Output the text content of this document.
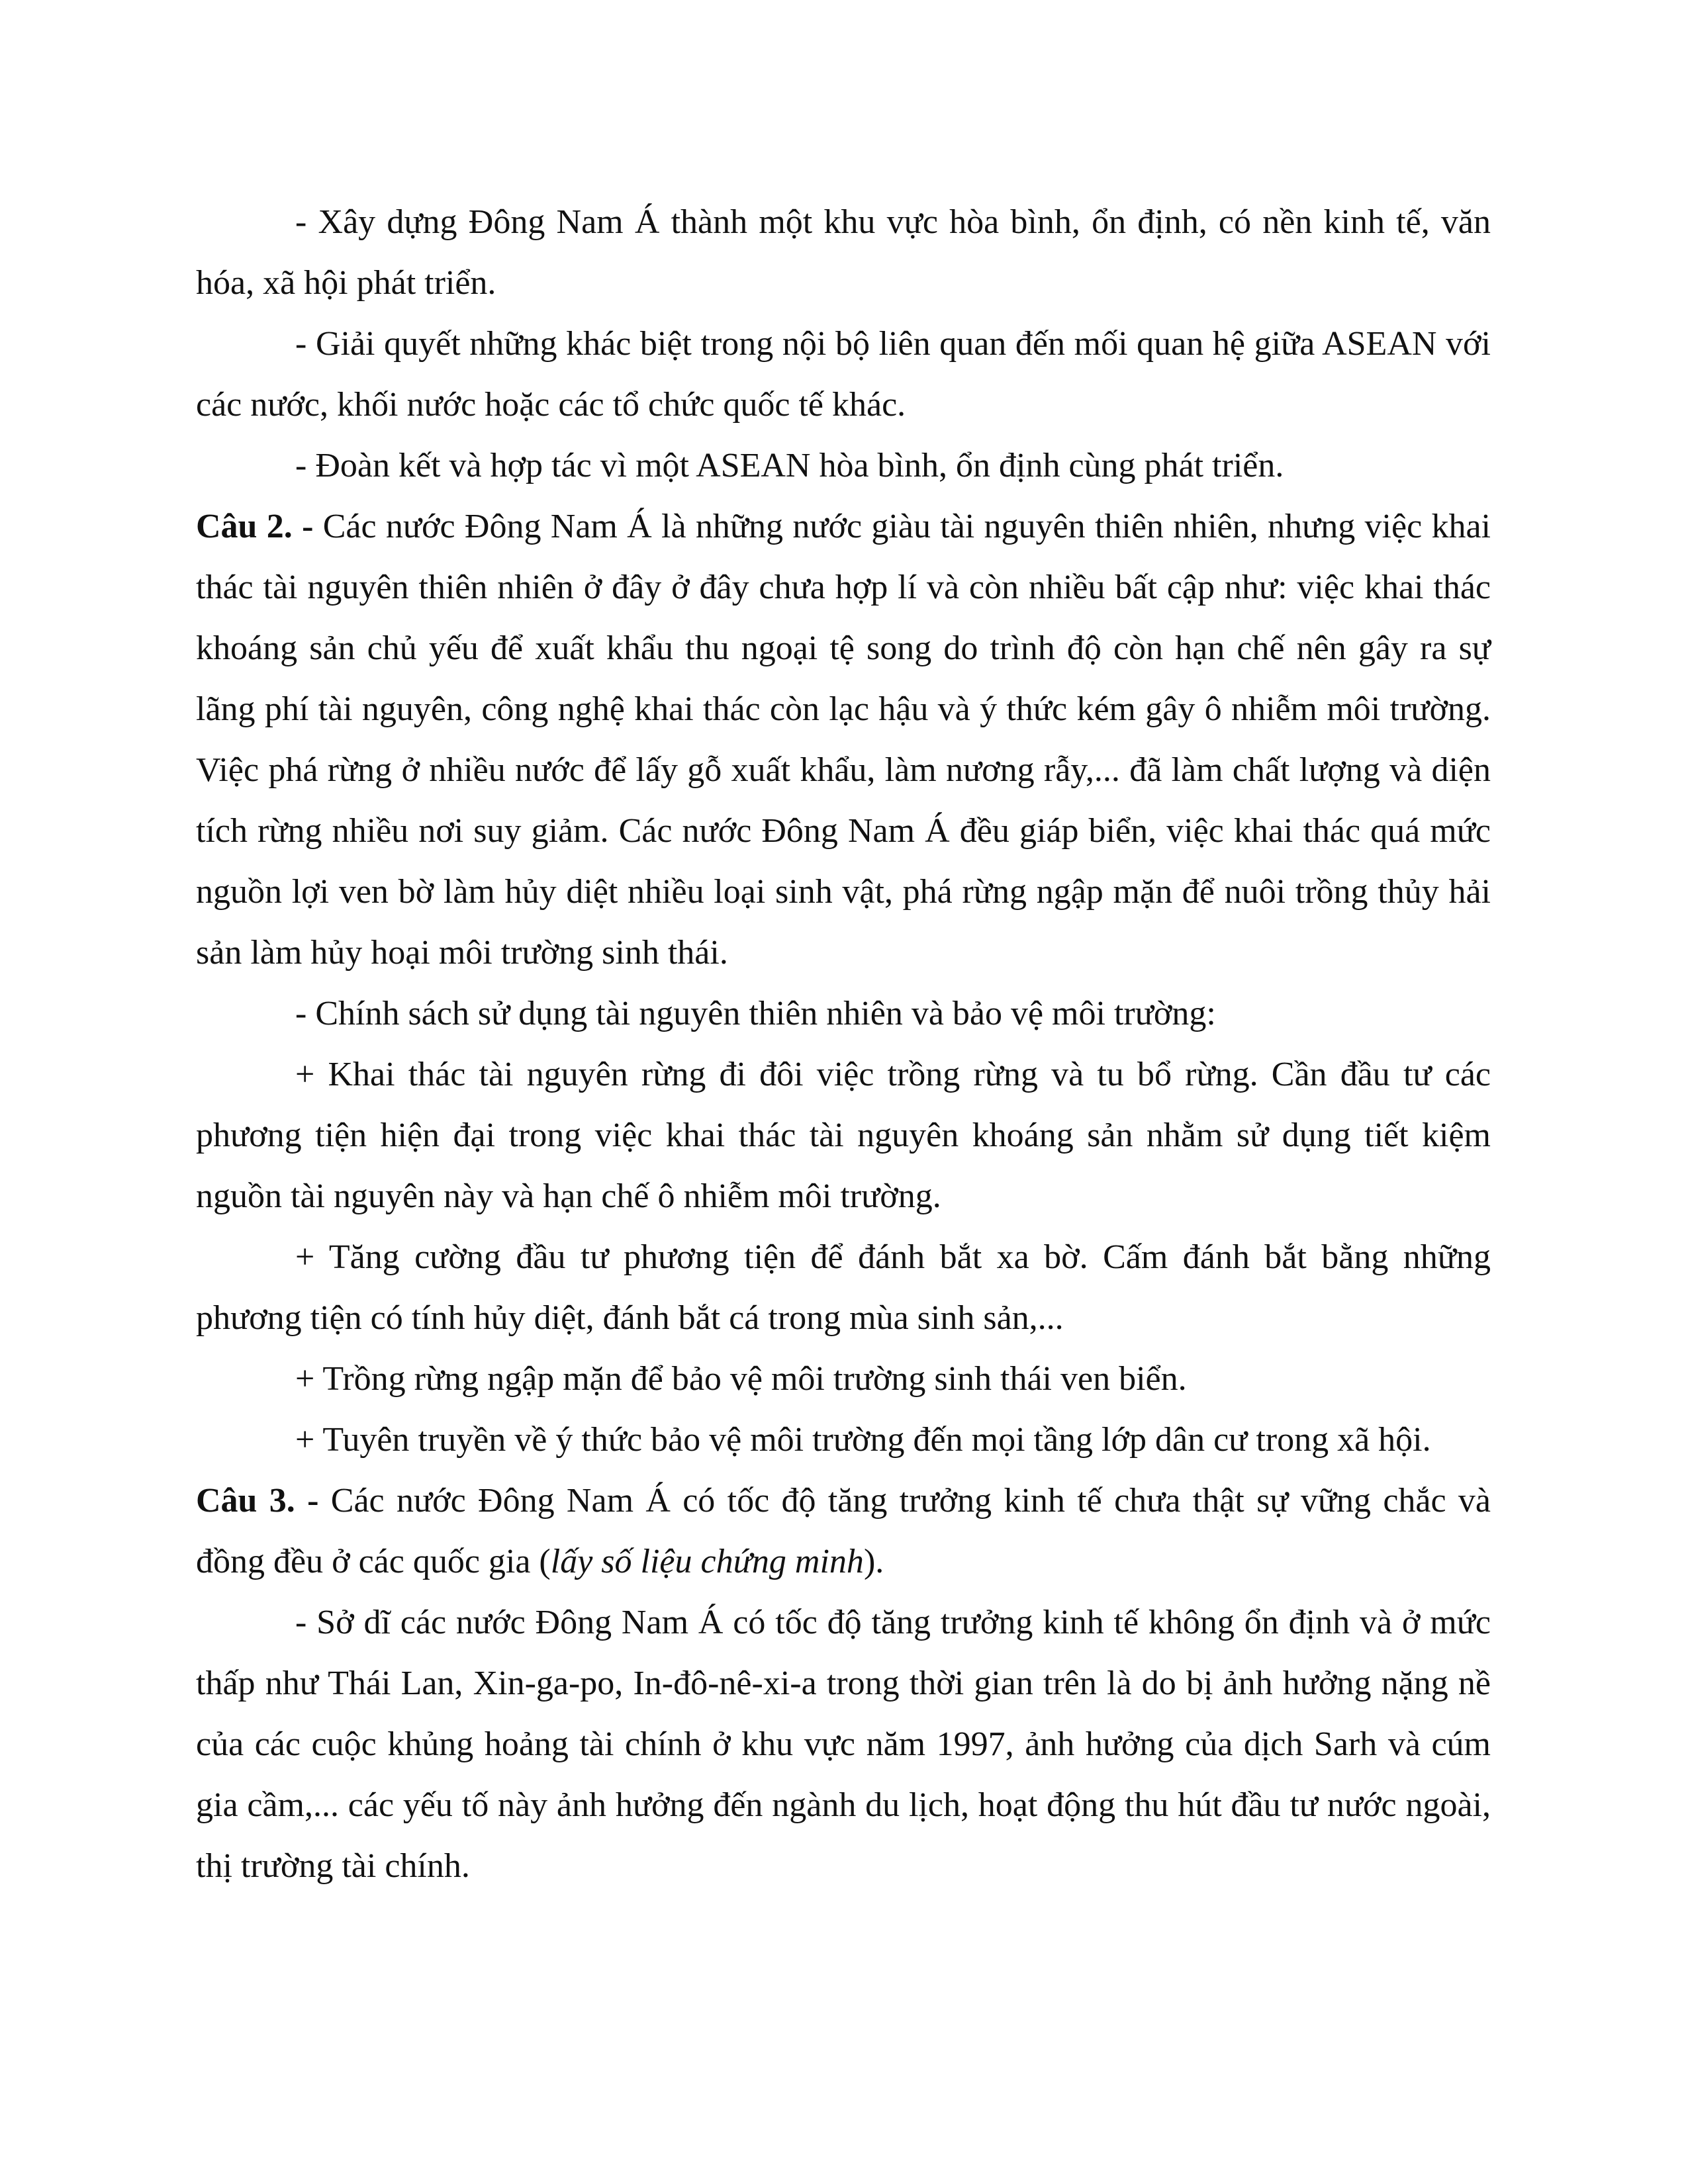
- Xây dựng Đông Nam Á thành một khu vực hòa bình, ổn định, có nền kinh tế, văn hóa, xã hội phát triển.

- Giải quyết những khác biệt trong nội bộ liên quan đến mối quan hệ giữa ASEAN với các nước, khối nước hoặc các tổ chức quốc tế khác.

- Đoàn kết và hợp tác vì một ASEAN hòa bình, ổn định cùng phát triển.

Câu 2. - Các nước Đông Nam Á là những nước giàu tài nguyên thiên nhiên, nhưng việc khai thác tài nguyên thiên nhiên ở đây ở đây chưa hợp lí và còn nhiều bất cập như: việc khai thác khoáng sản chủ yếu để xuất khẩu thu ngoại tệ song do trình độ còn hạn chế nên gây ra sự lãng phí tài nguyên, công nghệ khai thác còn lạc hậu và ý thức kém gây ô nhiễm môi trường. Việc phá rừng ở nhiều nước để lấy gỗ xuất khẩu, làm nương rẫy,... đã làm chất lượng và diện tích rừng nhiều nơi suy giảm. Các nước Đông Nam Á đều giáp biển, việc khai thác quá mức nguồn lợi ven bờ làm hủy diệt nhiều loại sinh vật, phá rừng ngập mặn để nuôi trồng thủy hải sản làm hủy hoại môi trường sinh thái.

- Chính sách sử dụng tài nguyên thiên nhiên và bảo vệ môi trường:

+ Khai thác tài nguyên rừng đi đôi việc trồng rừng và tu bổ rừng. Cần đầu tư các phương tiện hiện đại trong việc khai thác tài nguyên khoáng sản nhằm sử dụng tiết kiệm nguồn tài nguyên này và hạn chế ô nhiễm môi trường.

+ Tăng cường đầu tư phương tiện để đánh bắt xa bờ. Cấm đánh bắt bằng những phương tiện có tính hủy diệt, đánh bắt cá trong mùa sinh sản,...

+ Trồng rừng ngập mặn để bảo vệ môi trường sinh thái ven biển.

+ Tuyên truyền về ý thức bảo vệ môi trường đến mọi tầng lớp dân cư trong xã hội.

Câu 3. - Các nước Đông Nam Á có tốc độ tăng trưởng kinh tế chưa thật sự vững chắc và đồng đều ở các quốc gia (lấy số liệu chứng minh).

- Sở dĩ các nước Đông Nam Á có tốc độ tăng trưởng kinh tế không ổn định và ở mức thấp như Thái Lan, Xin-ga-po, In-đô-nê-xi-a trong thời gian trên là do bị ảnh hưởng nặng nề của các cuộc khủng hoảng tài chính ở khu vực năm 1997, ảnh hưởng của dịch Sarh và cúm gia cầm,... các yếu tố này ảnh hưởng đến ngành du lịch, hoạt động thu hút đầu tư nước ngoài, thị trường tài chính.
